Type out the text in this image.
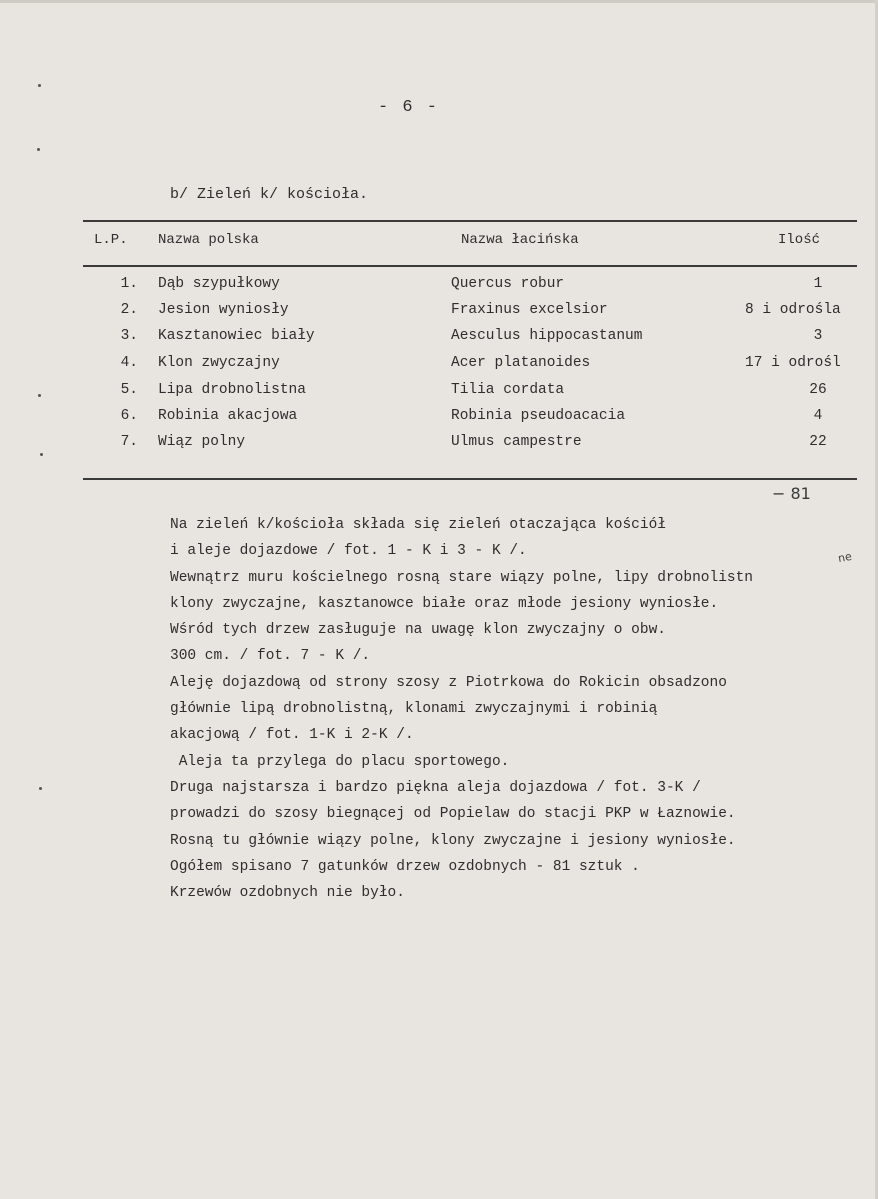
- 6 -
b/ Zieleń k/ kościoła.
L.P. Nazwa polska	Nazwa łacińska	Ilość
1. Dąb szypułkowy	Quercus robur	1
2. Jesion wyniosły	Fraxinus excelsior	8 i odrośla
3. Kasztanowiec biały	Aesculus hippocastanum	3
4. Klon zwyczajny	Acer platanoides	17 i odrośl
5. Lipa drobnolistna	Tilia cordata	26
6. Robinia akacjowa	Robinia pseudoacacia	4
7. Wiąz polny	Ulmus campestre	22
− 81
ne
Na zieleń k/kościoła składa się zieleń otaczająca kościół
i aleje dojazdowe / fot. 1 - K i 3 - K /.
Wewnątrz muru kościelnego rosną stare wiązy polne, lipy drobnolistn
klony zwyczajne, kasztanowce białe oraz młode jesiony wyniosłe.
Wśród tych drzew zasługuje na uwagę klon zwyczajny o obw.
300 cm. / fot. 7 - K /.
Aleję dojazdową od strony szosy z Piotrkowa do Rokicin obsadzono
głównie lipą drobnolistną, klonami zwyczajnymi i robinią
akacjową / fot. 1-K i 2-K /.
Aleja ta przylega do placu sportowego.
Druga najstarsza i bardzo piękna aleja dojazdowa / fot. 3-K /
prowadzi do szosy biegnącej od Popielaw do stacji PKP w Łaznowie.
Rosną tu głównie wiązy polne, klony zwyczajne i jesiony wyniosłe.
Ogółem spisano 7 gatunków drzew ozdobnych - 81 sztuk .
Krzewów ozdobnych nie było.
